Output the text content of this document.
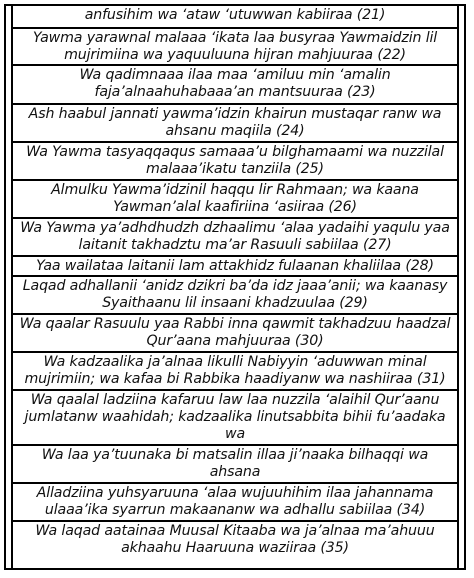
anfusihim wa ‘ataw ‘utuwwan kabiiraa (21)
Yawma yarawnal malaaa ‘ikata laa busyraa Yawmaidzin lil
mujrimiina wa yaquuluuna hijran mahjuuraa (22)
Wa qadimnaaa ilaa maa ‘amiluu min ‘amalin
faja’alnaahuhabaaa’an mantsuuraa (23)
Ash haabul jannati yawma’idzin khairun mustaqar ranw wa
ahsanu maqiila (24)
Wa Yawma tasyaqqaqus samaaa’u bilghamaami wa nuzzilal
malaaa’ikatu tanziila (25)
Almulku Yawma’idzinil haqqu lir Rahmaan; wa kaana
Yawman’alal kaafiriina ‘asiiraa (26)
Wa Yawma ya’adhdhudzh dzhaalimu ‘alaa yadaihi yaqulu yaa
laitanit takhadztu ma’ar Rasuuli sabiilaa (27)
Yaa wailataa laitanii lam attakhidz fulaanan khaliilaa (28)
Laqad adhallanii ‘anidz dzikri ba’da idz jaaa’anii; wa kaanasy
Syaithaanu lil insaani khadzuulaa (29)
Wa qaalar Rasuulu yaa Rabbi inna qawmit takhadzuu haadzal
Qur’aana mahjuuraa (30)
Wa kadzaalika ja’alnaa likulli Nabiyyin ‘aduwwan minal
mujrimiin; wa kafaa bi Rabbika haadiyanw wa nashiiraa (31)
Wa qaalal ladziina kafaruu law laa nuzzila ‘alaihil Qur’aanu
jumlatanw waahidah; kadzaalika linutsabbita bihii fu’aadaka wa

Wa laa ya’tuunaka bi matsalin illaa ji’naaka bilhaqqi wa ahsana

Alladziina yuhsyaruuna ‘alaa wujuuhihim ilaa jahannama
ulaaa’ika syarrun makaananw wa adhallu sabiilaa (34)
Wa laqad aatainaa Muusal Kitaaba wa ja’alnaa ma’ahuuu
akhaahu Haaruuna waziiraa (35)
